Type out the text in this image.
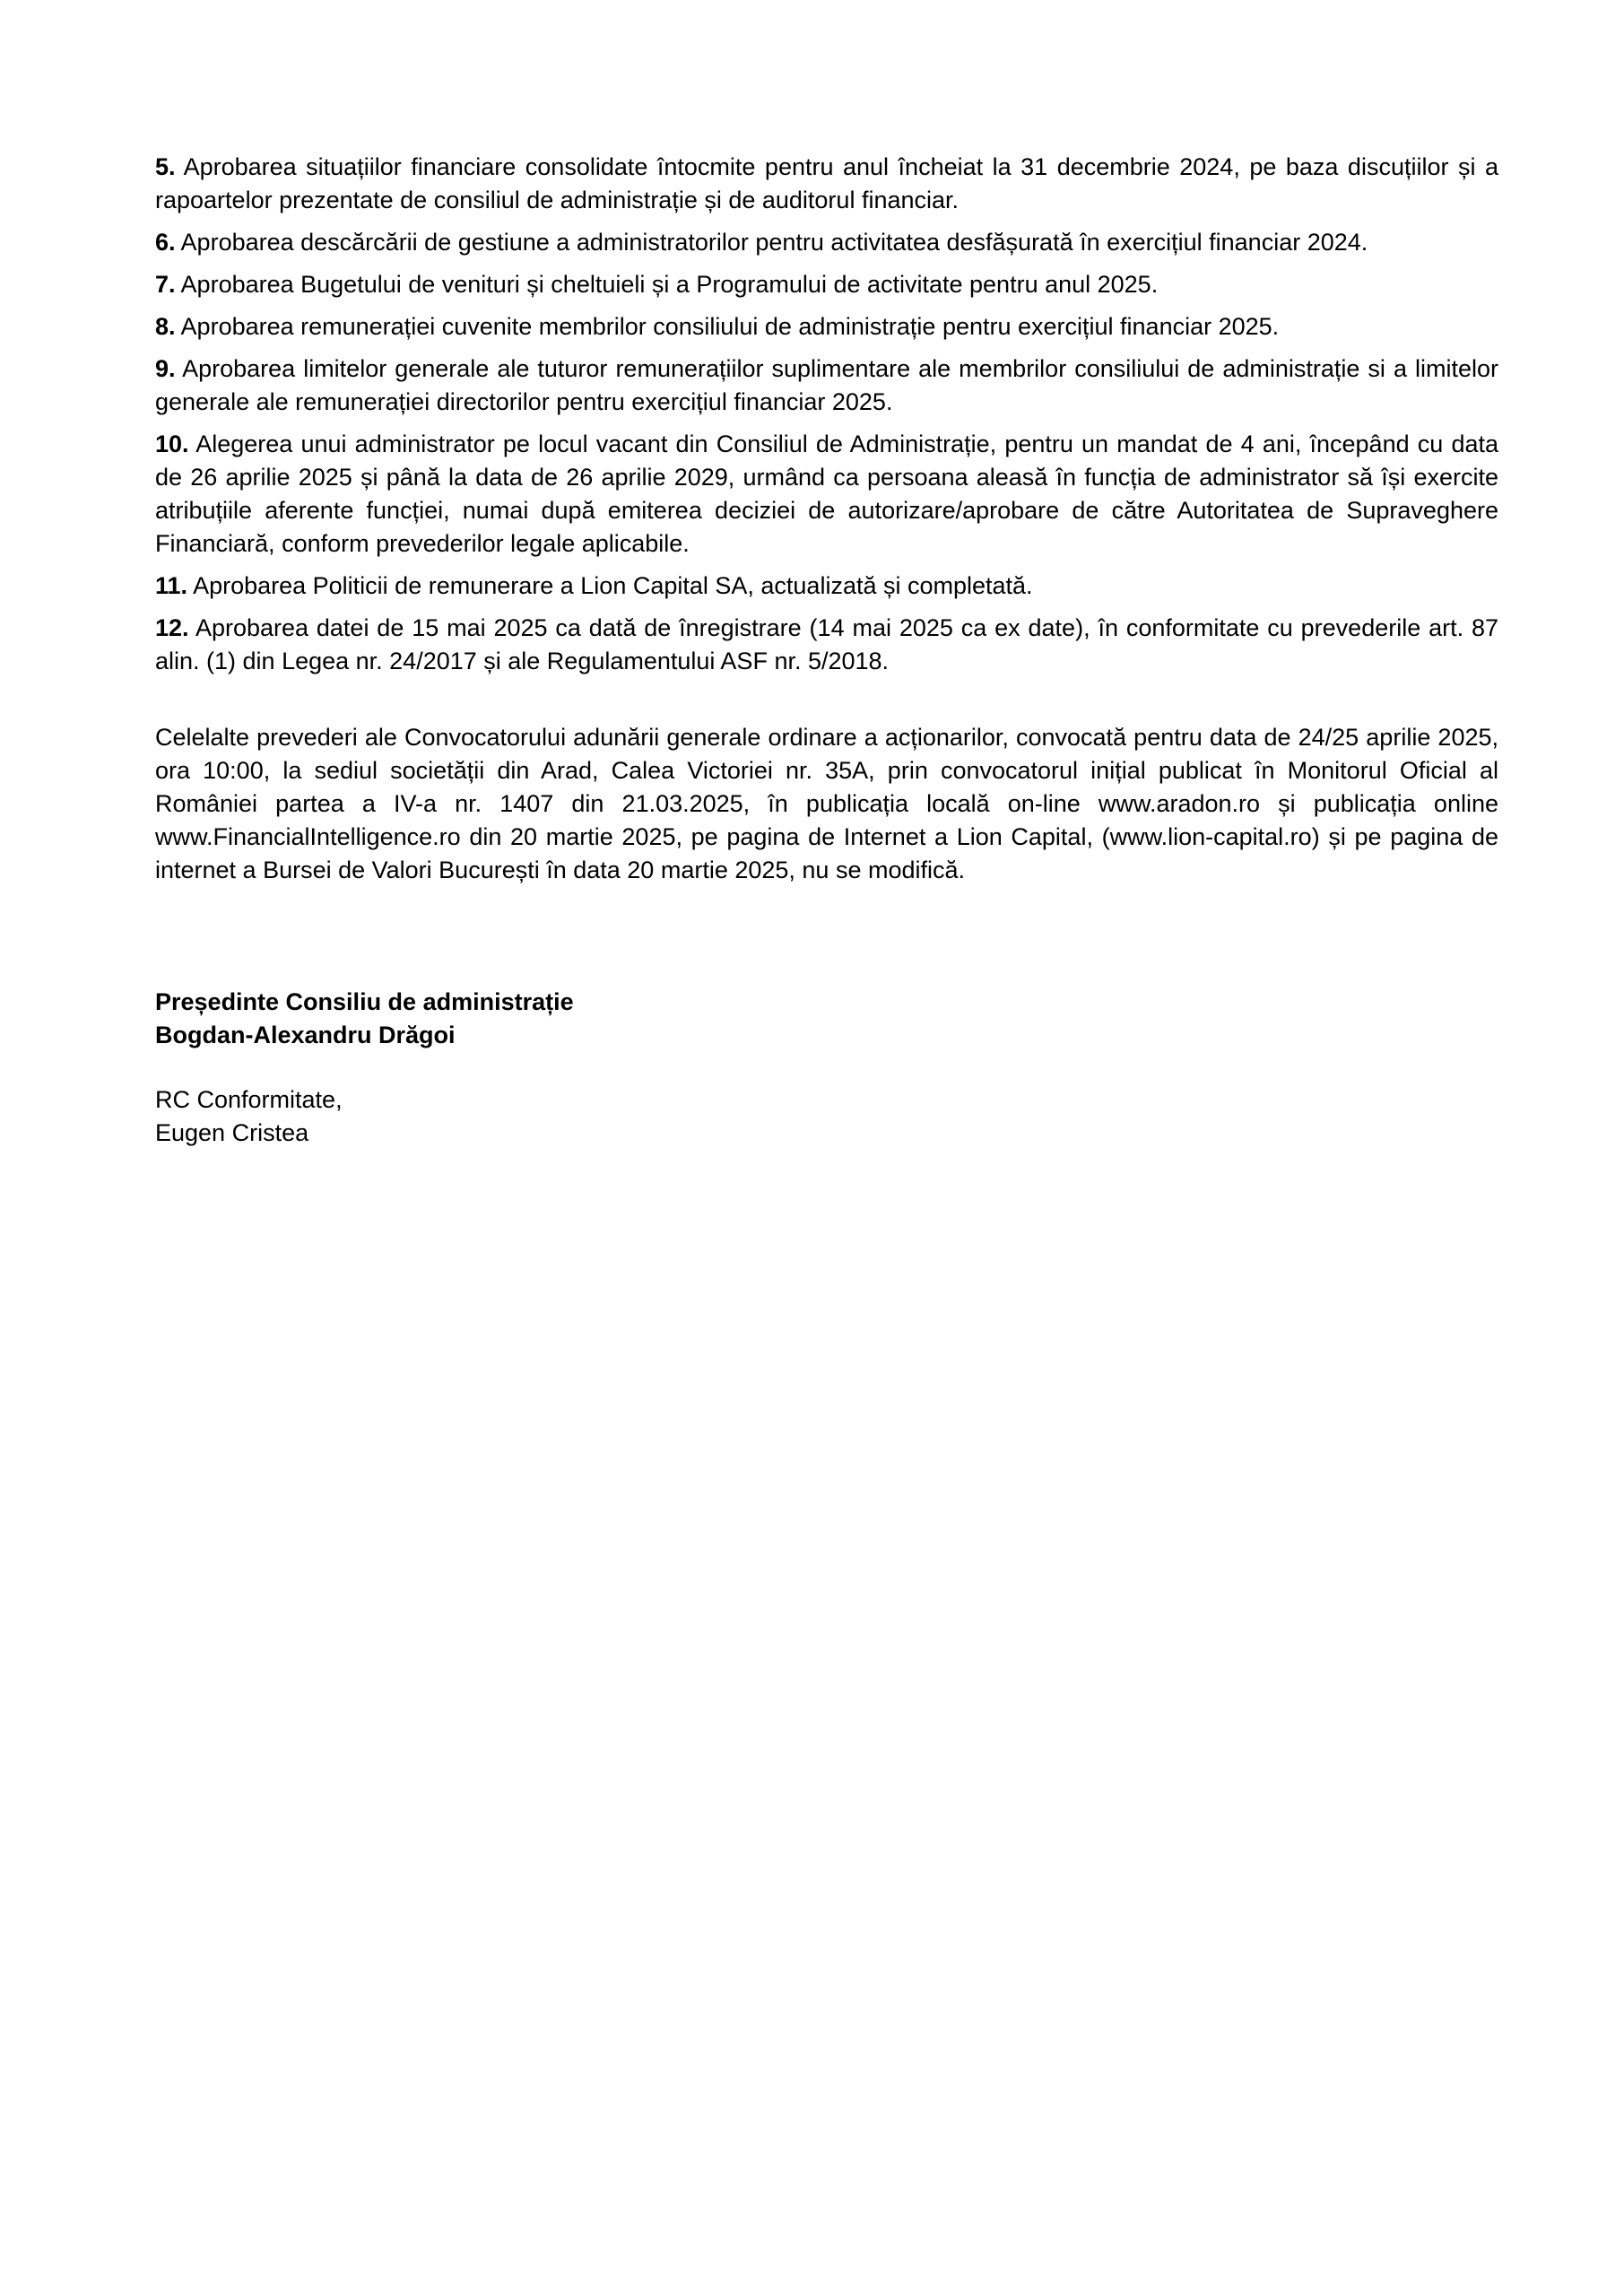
5. Aprobarea situațiilor financiare consolidate întocmite pentru anul încheiat la 31 decembrie 2024, pe baza discuțiilor și a rapoartelor prezentate de consiliul de administrație și de auditorul financiar.
6. Aprobarea descărcării de gestiune a administratorilor pentru activitatea desfășurată în exercițiul financiar 2024.
7. Aprobarea Bugetului de venituri și cheltuieli și a Programului de activitate pentru anul 2025.
8. Aprobarea remunerației cuvenite membrilor consiliului de administrație pentru exercițiul financiar 2025.
9. Aprobarea limitelor generale ale tuturor remunerațiilor suplimentare ale membrilor consiliului de administrație si a limitelor generale ale remunerației directorilor pentru exercițiul financiar 2025.
10. Alegerea unui administrator pe locul vacant din Consiliul de Administrație, pentru un mandat de 4 ani, începând cu data de 26 aprilie 2025 și până la data de 26 aprilie 2029, urmând ca persoana aleasă în funcția de administrator să își exercite atribuțiile aferente funcției, numai după emiterea deciziei de autorizare/aprobare de către Autoritatea de Supraveghere Financiară, conform prevederilor legale aplicabile.
11. Aprobarea Politicii de remunerare a Lion Capital SA, actualizată și completată.
12. Aprobarea datei de 15 mai 2025 ca dată de înregistrare (14 mai 2025 ca ex date), în conformitate cu prevederile art. 87 alin. (1) din Legea nr. 24/2017 și ale Regulamentului ASF nr. 5/2018.
Celelalte prevederi ale Convocatorului adunării generale ordinare a acționarilor, convocată pentru data de 24/25 aprilie 2025, ora 10:00, la sediul societății din Arad, Calea Victoriei nr. 35A, prin convocatorul inițial publicat în Monitorul Oficial al României partea a IV-a nr. 1407 din 21.03.2025, în publicația locală on-line www.aradon.ro și publicația online www.FinancialIntelligence.ro din 20 martie 2025, pe pagina de Internet a Lion Capital, (www.lion-capital.ro) și pe pagina de internet a Bursei de Valori București în data 20 martie 2025, nu se modifică.
Președinte Consiliu de administrație
Bogdan-Alexandru Drăgoi
RC Conformitate,
Eugen Cristea
